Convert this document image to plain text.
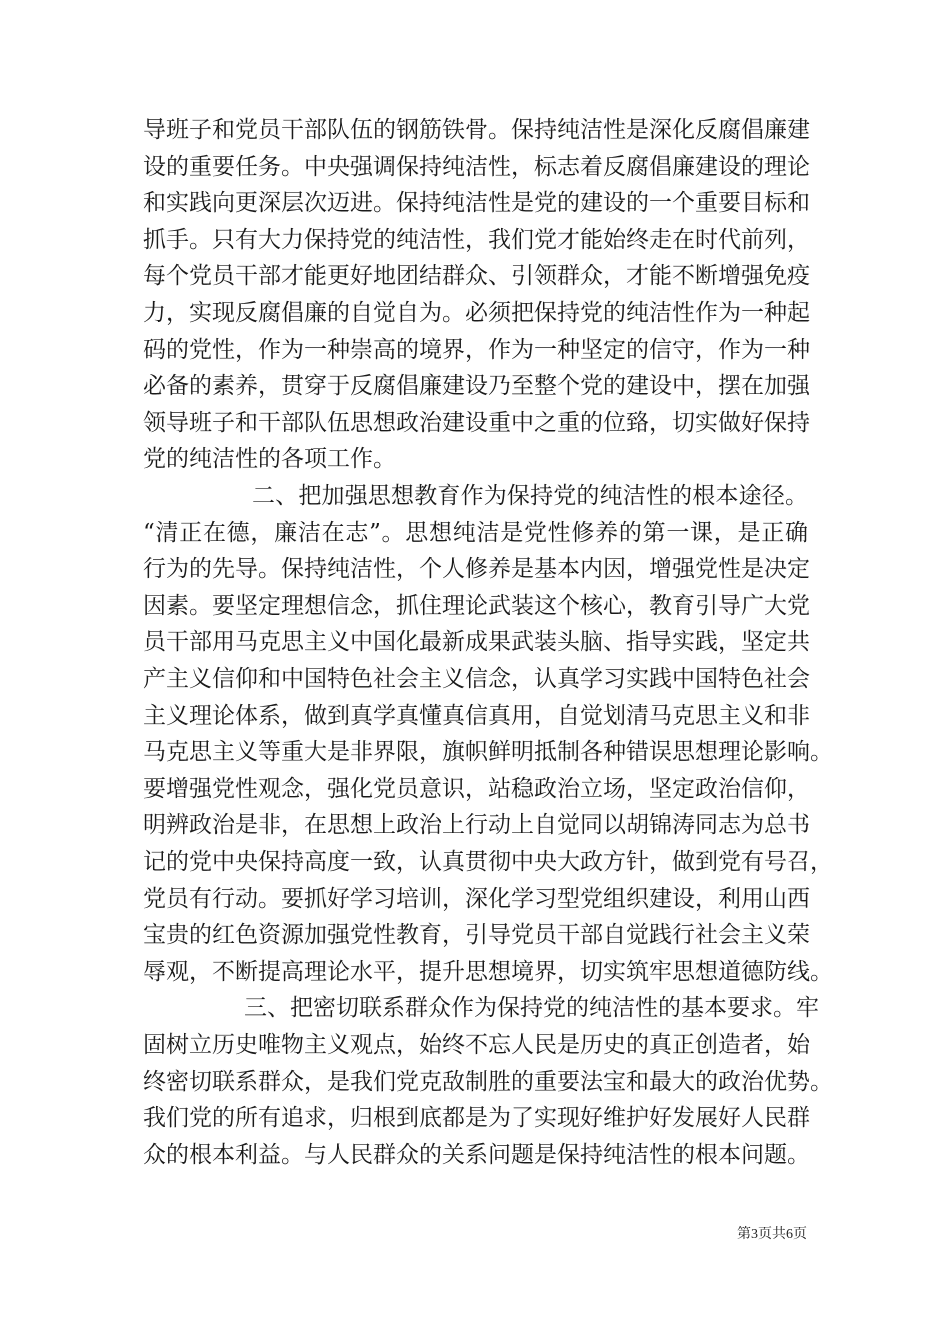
导班子和党员干部队伍的钢筋铁骨。保持纯洁性是深化反腐倡廉建
设的重要任务。中央强调保持纯洁性，标志着反腐倡廉建设的理论
和实践向更深层次迈进。保持纯洁性是党的建设的一个重要目标和
抓手。只有大力保持党的纯洁性，我们党才能始终走在时代前列，
每个党员干部才能更好地团结群众、引领群众，才能不断增强免疫
力，实现反腐倡廉的自觉自为。必须把保持党的纯洁性作为一种起
码的党性，作为一种崇高的境界，作为一种坚定的信守，作为一种
必备的素养，贯穿于反腐倡廉建设乃至整个党的建设中，摆在加强
领导班子和干部队伍思想政治建设重中之重的位臵，切实做好保持
党的纯洁性的各项工作。
二、把加强思想教育作为保持党的纯洁性的根本途径。
“清正在德，廉洁在志”。思想纯洁是党性修养的第一课，是正确
行为的先导。保持纯洁性，个人修养是基本内因，增强党性是决定
因素。要坚定理想信念，抓住理论武装这个核心，教育引导广大党
员干部用马克思主义中国化最新成果武装头脑、指导实践，坚定共
产主义信仰和中国特色社会主义信念，认真学习实践中国特色社会
主义理论体系，做到真学真懂真信真用，自觉划清马克思主义和非
马克思主义等重大是非界限，旗帜鲜明抵制各种错误思想理论影响。
要增强党性观念，强化党员意识，站稳政治立场，坚定政治信仰，
明辨政治是非，在思想上政治上行动上自觉同以胡锦涛同志为总书
记的党中央保持高度一致，认真贯彻中央大政方针，做到党有号召，
党员有行动。要抓好学习培训，深化学习型党组织建设，利用山西
宝贵的红色资源加强党性教育，引导党员干部自觉践行社会主义荣
辱观，不断提高理论水平，提升思想境界，切实筑牢思想道德防线。
三、把密切联系群众作为保持党的纯洁性的基本要求。牢
固树立历史唯物主义观点，始终不忘人民是历史的真正创造者，始
终密切联系群众，是我们党克敌制胜的重要法宝和最大的政治优势。
我们党的所有追求，归根到底都是为了实现好维护好发展好人民群
众的根本利益。与人民群众的关系问题是保持纯洁性的根本问题。
第3页共6页
